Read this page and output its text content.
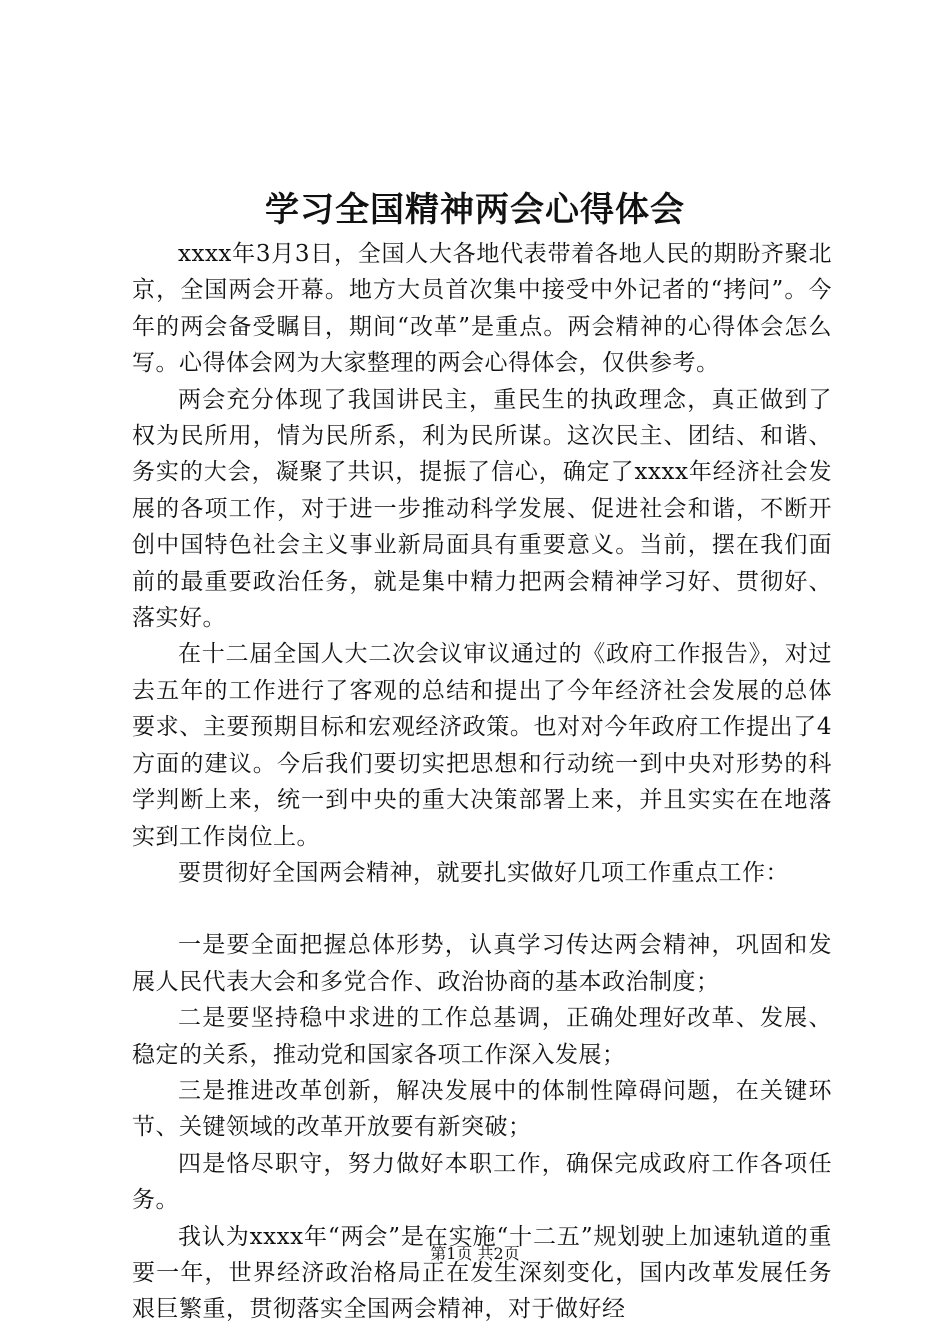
学习全国精神两会心得体会

xxxx年3月3日，全国人大各地代表带着各地人民的期盼齐聚北京，全国两会开幕。地方大员首次集中接受中外记者的“拷问”。今年的两会备受瞩目，期间“改革”是重点。两会精神的心得体会怎么写。心得体会网为大家整理的两会心得体会，仅供参考。

两会充分体现了我国讲民主，重民生的执政理念，真正做到了权为民所用，情为民所系，利为民所谋。这次民主、团结、和谐、务实的大会，凝聚了共识，提振了信心，确定了xxxx年经济社会发展的各项工作，对于进一步推动科学发展、促进社会和谐，不断开创中国特色社会主义事业新局面具有重要意义。当前，摆在我们面前的最重要政治任务，就是集中精力把两会精神学习好、贯彻好、落实好。

在十二届全国人大二次会议审议通过的《政府工作报告》，对过去五年的工作进行了客观的总结和提出了今年经济社会发展的总体要求、主要预期目标和宏观经济政策。也对对今年政府工作提出了4方面的建议。今后我们要切实把思想和行动统一到中央对形势的科学判断上来，统一到中央的重大决策部署上来，并且实实在在地落实到工作岗位上。

要贯彻好全国两会精神，就要扎实做好几项工作重点工作：

一是要全面把握总体形势，认真学习传达两会精神，巩固和发展人民代表大会和多党合作、政治协商的基本政治制度；

二是要坚持稳中求进的工作总基调，正确处理好改革、发展、稳定的关系，推动党和国家各项工作深入发展；

三是推进改革创新，解决发展中的体制性障碍问题，在关键环节、关键领域的改革开放要有新突破；

四是恪尽职守，努力做好本职工作，确保完成政府工作各项任务。

我认为xxxx年“两会”是在实施“十二五”规划驶上加速轨道的重要一年，世界经济政治格局正在发生深刻变化，国内改革发展任务艰巨繁重，贯彻落实全国两会精神，对于做好经

第1页 共2页
